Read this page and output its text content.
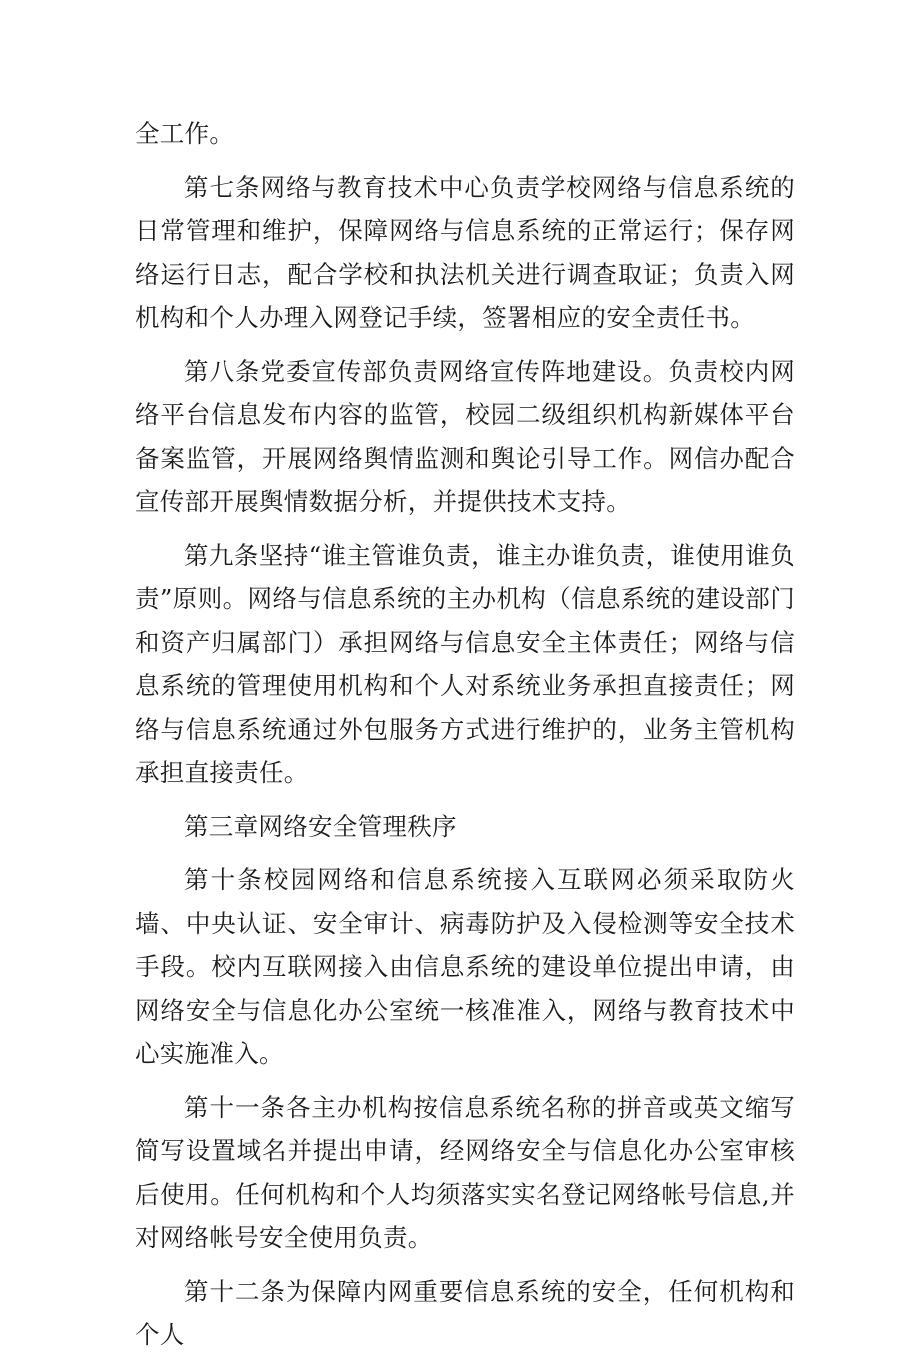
全工作。

第七条网络与教育技术中心负责学校网络与信息系统的日常管理和维护，保障网络与信息系统的正常运行；保存网络运行日志，配合学校和执法机关进行调查取证；负责入网机构和个人办理入网登记手续，签署相应的安全责任书。

第八条党委宣传部负责网络宣传阵地建设。负责校内网络平台信息发布内容的监管，校园二级组织机构新媒体平台备案监管，开展网络舆情监测和舆论引导工作。网信办配合宣传部开展舆情数据分析，并提供技术支持。

第九条坚持“谁主管谁负责，谁主办谁负责，谁使用谁负责”原则。网络与信息系统的主办机构（信息系统的建设部门和资产归属部门）承担网络与信息安全主体责任；网络与信息系统的管理使用机构和个人对系统业务承担直接责任；网络与信息系统通过外包服务方式进行维护的，业务主管机构承担直接责任。

第三章网络安全管理秩序

第十条校园网络和信息系统接入互联网必须采取防火墙、中央认证、安全审计、病毒防护及入侵检测等安全技术手段。校内互联网接入由信息系统的建设单位提出申请，由网络安全与信息化办公室统一核准准入，网络与教育技术中心实施准入。

第十一条各主办机构按信息系统名称的拼音或英文缩写简写设置域名并提出申请，经网络安全与信息化办公室审核后使用。任何机构和个人均须落实实名登记网络帐号信息,并对网络帐号安全使用负责。

第十二条为保障内网重要信息系统的安全，任何机构和个人
